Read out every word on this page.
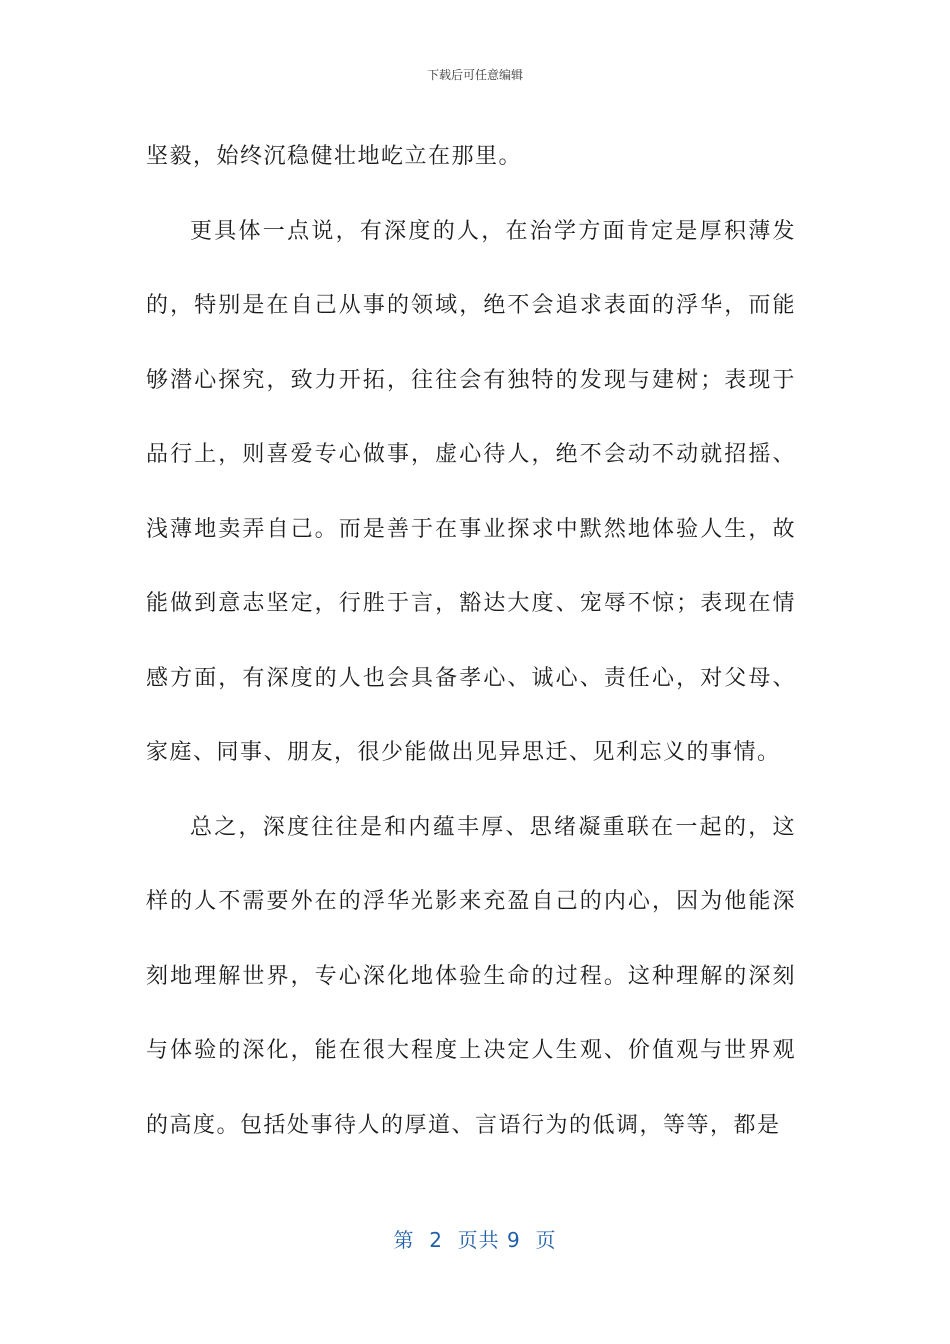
下载后可任意编辑

坚毅，始终沉稳健壮地屹立在那里。

更具体一点说，有深度的人，在治学方面肯定是厚积薄发的，特别是在自己从事的领域，绝不会追求表面的浮华，而能够潜心探究，致力开拓，往往会有独特的发现与建树；表现于品行上，则喜爱专心做事，虚心待人，绝不会动不动就招摇、浅薄地卖弄自己。而是善于在事业探求中默然地体验人生，故能做到意志坚定，行胜于言，豁达大度、宠辱不惊；表现在情感方面，有深度的人也会具备孝心、诚心、责任心，对父母、家庭、同事、朋友，很少能做出见异思迁、见利忘义的事情。

总之，深度往往是和内蕴丰厚、思绪凝重联在一起的，这样的人不需要外在的浮华光影来充盈自己的内心，因为他能深刻地理解世界，专心深化地体验生命的过程。这种理解的深刻与体验的深化，能在很大程度上决定人生观、价值观与世界观的高度。包括处事待人的厚道、言语行为的低调，等等，都是

第  2  页共 9  页
